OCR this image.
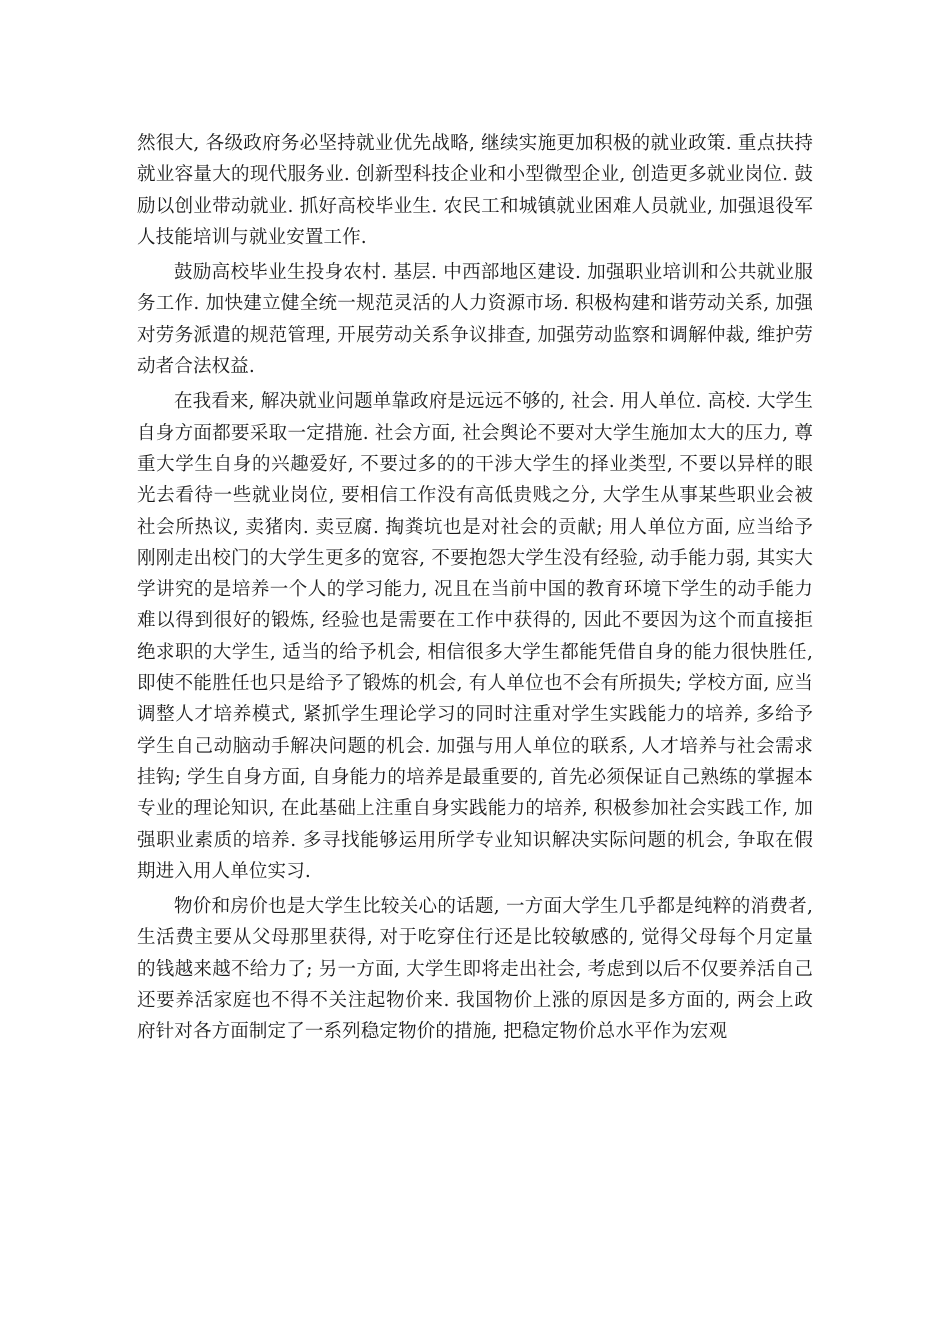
然很大, 各级政府务必坚持就业优先战略, 继续实施更加积极的就业政策. 重点扶持就业容量大的现代服务业. 创新型科技企业和小型微型企业, 创造更多就业岗位. 鼓励以创业带动就业. 抓好高校毕业生. 农民工和城镇就业困难人员就业, 加强退役军人技能培训与就业安置工作.

鼓励高校毕业生投身农村. 基层. 中西部地区建设. 加强职业培训和公共就业服务工作. 加快建立健全统一规范灵活的人力资源市场. 积极构建和谐劳动关系, 加强对劳务派遣的规范管理, 开展劳动关系争议排查, 加强劳动监察和调解仲裁, 维护劳动者合法权益.

在我看来, 解决就业问题单靠政府是远远不够的, 社会. 用人单位. 高校. 大学生自身方面都要采取一定措施. 社会方面, 社会舆论不要对大学生施加太大的压力, 尊重大学生自身的兴趣爱好, 不要过多的的干涉大学生的择业类型, 不要以异样的眼光去看待一些就业岗位, 要相信工作没有高低贵贱之分, 大学生从事某些职业会被社会所热议, 卖猪肉. 卖豆腐. 掏粪坑也是对社会的贡献; 用人单位方面, 应当给予刚刚走出校门的大学生更多的宽容, 不要抱怨大学生没有经验, 动手能力弱, 其实大学讲究的是培养一个人的学习能力, 况且在当前中国的教育环境下学生的动手能力难以得到很好的锻炼, 经验也是需要在工作中获得的, 因此不要因为这个而直接拒绝求职的大学生, 适当的给予机会, 相信很多大学生都能凭借自身的能力很快胜任, 即使不能胜任也只是给予了锻炼的机会, 有人单位也不会有所损失; 学校方面, 应当调整人才培养模式, 紧抓学生理论学习的同时注重对学生实践能力的培养, 多给予学生自己动脑动手解决问题的机会. 加强与用人单位的联系, 人才培养与社会需求挂钩; 学生自身方面, 自身能力的培养是最重要的, 首先必须保证自己熟练的掌握本专业的理论知识, 在此基础上注重自身实践能力的培养, 积极参加社会实践工作, 加强职业素质的培养. 多寻找能够运用所学专业知识解决实际问题的机会, 争取在假期进入用人单位实习.

物价和房价也是大学生比较关心的话题, 一方面大学生几乎都是纯粹的消费者, 生活费主要从父母那里获得, 对于吃穿住行还是比较敏感的, 觉得父母每个月定量的钱越来越不给力了; 另一方面, 大学生即将走出社会, 考虑到以后不仅要养活自己还要养活家庭也不得不关注起物价来. 我国物价上涨的原因是多方面的, 两会上政府针对各方面制定了一系列稳定物价的措施, 把稳定物价总水平作为宏观
